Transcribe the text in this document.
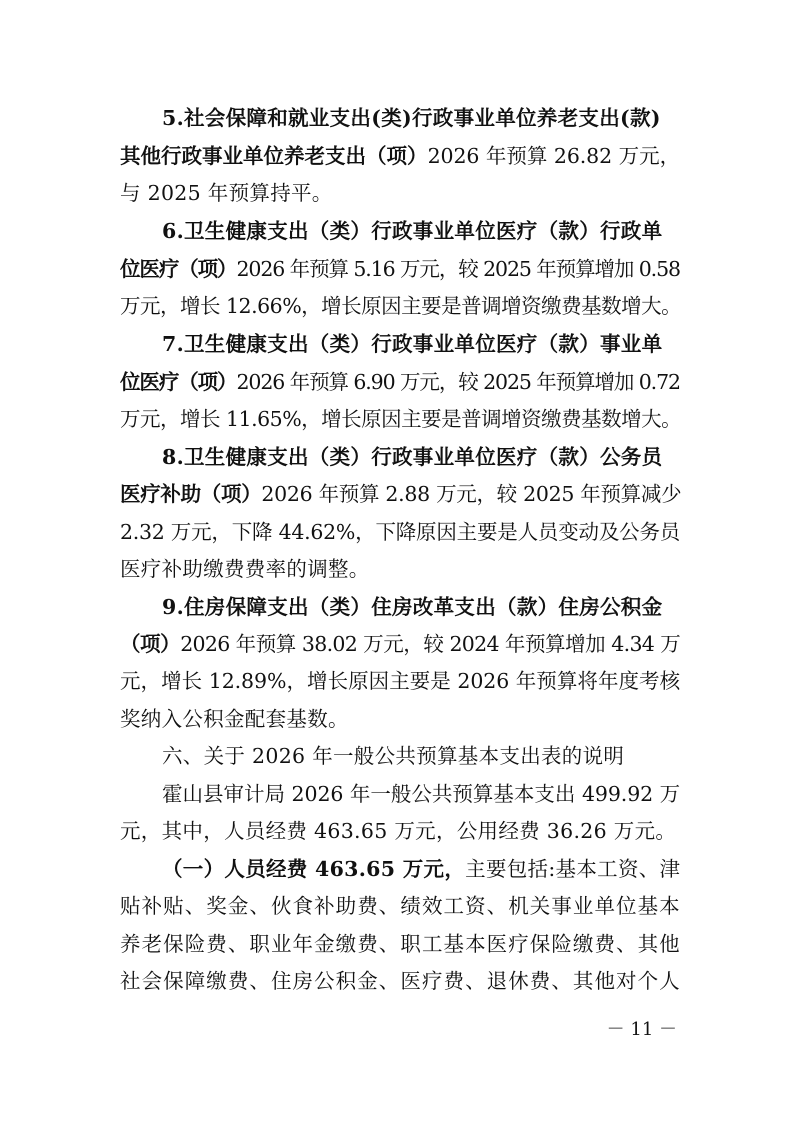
5.社会保障和就业支出(类)行政事业单位养老支出(款)
其他行政事业单位养老支出（项）2026 年预算 26.82 万元，
与 2025 年预算持平。
6.卫生健康支出（类）行政事业单位医疗（款）行政单
位医疗（项）2026 年预算 5.16 万元，较 2025 年预算增加 0.58
万元，增长 12.66%，增长原因主要是普调增资缴费基数增大。
7.卫生健康支出（类）行政事业单位医疗（款）事业单
位医疗（项）2026 年预算 6.90 万元，较 2025 年预算增加 0.72
万元，增长 11.65%，增长原因主要是普调增资缴费基数增大。
8.卫生健康支出（类）行政事业单位医疗（款）公务员
医疗补助（项）2026 年预算 2.88 万元，较 2025 年预算减少
2.32 万元，下降 44.62%，下降原因主要是人员变动及公务员
医疗补助缴费费率的调整。
9.住房保障支出（类）住房改革支出（款）住房公积金
（项）2026 年预算 38.02 万元，较 2024 年预算增加 4.34 万
元，增长 12.89%，增长原因主要是 2026 年预算将年度考核
奖纳入公积金配套基数。
六、关于 2026 年一般公共预算基本支出表的说明
霍山县审计局 2026 年一般公共预算基本支出 499.92 万
元，其中，人员经费 463.65 万元，公用经费 36.26 万元。
（一）人员经费 463.65 万元，主要包括:基本工资、津
贴补贴、奖金、伙食补助费、绩效工资、机关事业单位基本
养老保险费、职业年金缴费、职工基本医疗保险缴费、其他
社会保障缴费、住房公积金、医疗费、退休费、其他对个人
－ 11 －
